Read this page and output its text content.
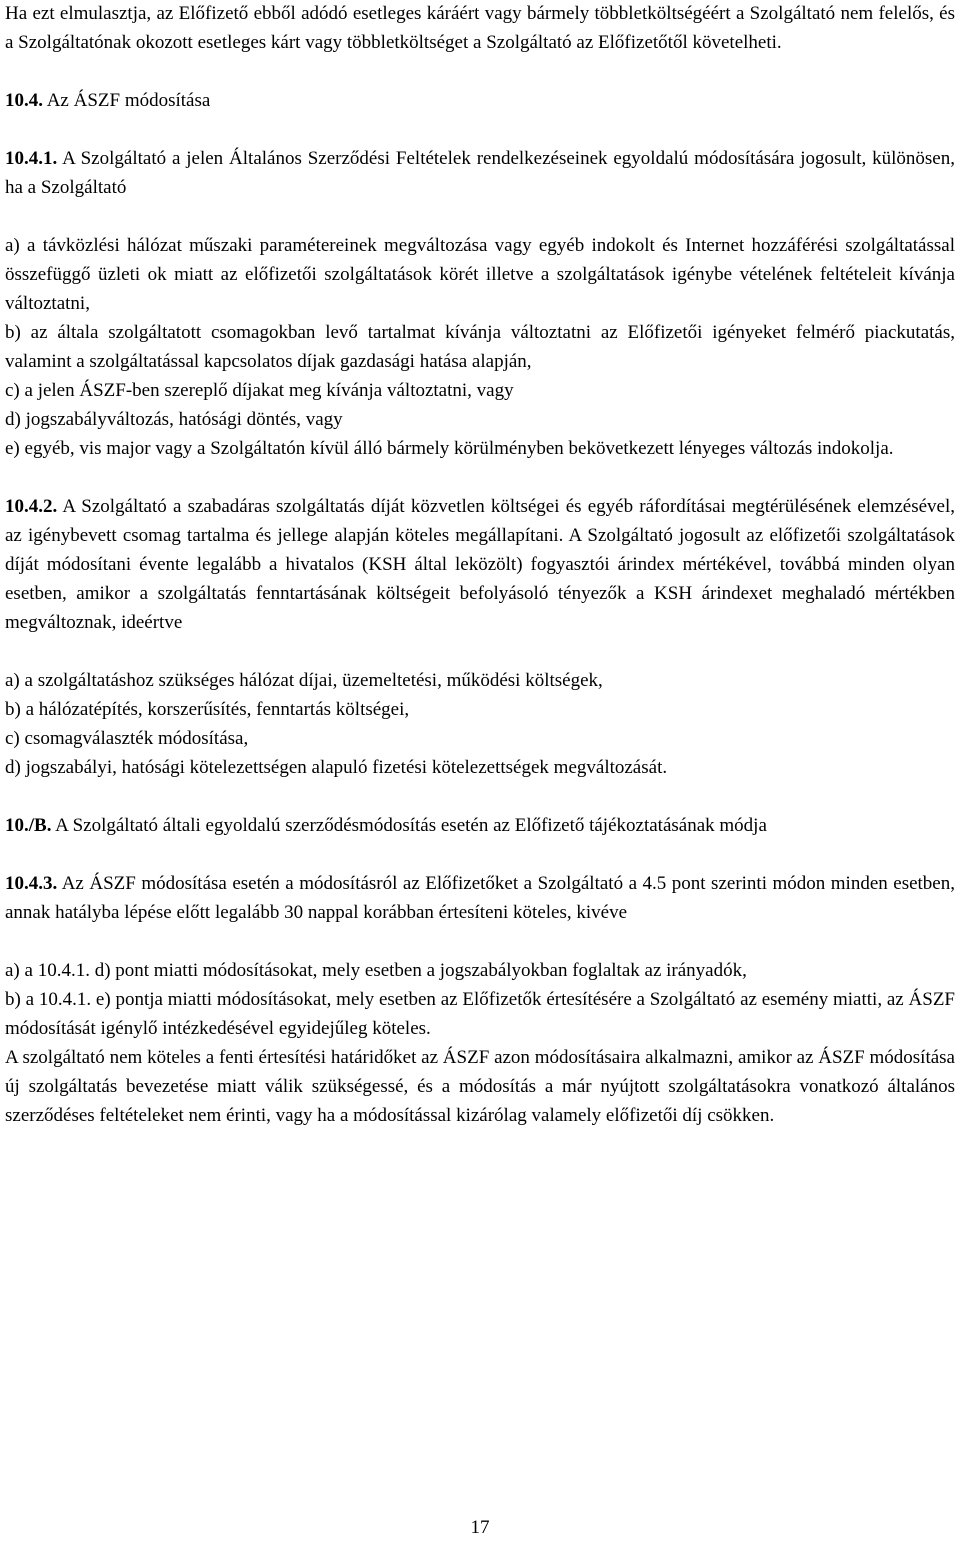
Ha ezt elmulasztja, az Előfizető ebből adódó esetleges káráért vagy bármely többletköltségéért a Szolgáltató nem felelős, és a Szolgáltatónak okozott esetleges kárt vagy többletköltséget a Szolgáltató az Előfizetőtől követelheti.

10.4. Az ÁSZF módosítása

10.4.1. A Szolgáltató a jelen Általános Szerződési Feltételek rendelkezéseinek egyoldalú módosítására jogosult, különösen, ha a Szolgáltató

a) a távközlési hálózat műszaki paramétereinek megváltozása vagy egyéb indokolt és Internet hozzáférési szolgáltatással összefüggő üzleti ok miatt az előfizetői szolgáltatások körét illetve a szolgáltatások igénybe vételének feltételeit kívánja változtatni,

b) az általa szolgáltatott csomagokban levő tartalmat kívánja változtatni az Előfizetői igényeket felmérő piackutatás, valamint a szolgáltatással kapcsolatos díjak gazdasági hatása alapján,

c) a jelen ÁSZF-ben szereplő díjakat meg kívánja változtatni, vagy

d) jogszabályváltozás, hatósági döntés, vagy

e) egyéb, vis major vagy a Szolgáltatón kívül álló bármely körülményben bekövetkezett lényeges változás indokolja.

10.4.2. A Szolgáltató a szabadáras szolgáltatás díját közvetlen költségei és egyéb ráfordításai megtérülésének elemzésével, az igénybevett csomag tartalma és jellege alapján köteles megállapítani. A Szolgáltató jogosult az előfizetői szolgáltatások díját módosítani évente legalább a hivatalos (KSH által leközölt) fogyasztói árindex mértékével, továbbá minden olyan esetben, amikor a szolgáltatás fenntartásának költségeit befolyásoló tényezők a KSH árindexet meghaladó mértékben megváltoznak, ideértve

a) a szolgáltatáshoz szükséges hálózat díjai, üzemeltetési, működési költségek,

b) a hálózatépítés, korszerűsítés, fenntartás költségei,

c) csomagválaszték módosítása,

d) jogszabályi, hatósági kötelezettségen alapuló fizetési kötelezettségek megváltozását.

10./B. A Szolgáltató általi egyoldalú szerződésmódosítás esetén az Előfizető tájékoztatásának módja

10.4.3. Az ÁSZF módosítása esetén a módosításról az Előfizetőket a Szolgáltató a 4.5 pont szerinti módon minden esetben, annak hatályba lépése előtt legalább 30 nappal korábban értesíteni köteles, kivéve

a) a 10.4.1. d) pont miatti módosításokat, mely esetben a jogszabályokban foglaltak az irányadók,

b) a 10.4.1. e) pontja miatti módosításokat, mely esetben az Előfizetők értesítésére a Szolgáltató az esemény miatti, az ÁSZF módosítását igénylő intézkedésével egyidejűleg köteles.

A szolgáltató nem köteles a fenti értesítési határidőket az ÁSZF azon módosításaira alkalmazni, amikor az ÁSZF módosítása új szolgáltatás bevezetése miatt válik szükségessé, és a módosítás a már nyújtott szolgáltatásokra vonatkozó általános szerződéses feltételeket nem érinti, vagy ha a módosítással kizárólag valamely előfizetői díj csökken.

17
